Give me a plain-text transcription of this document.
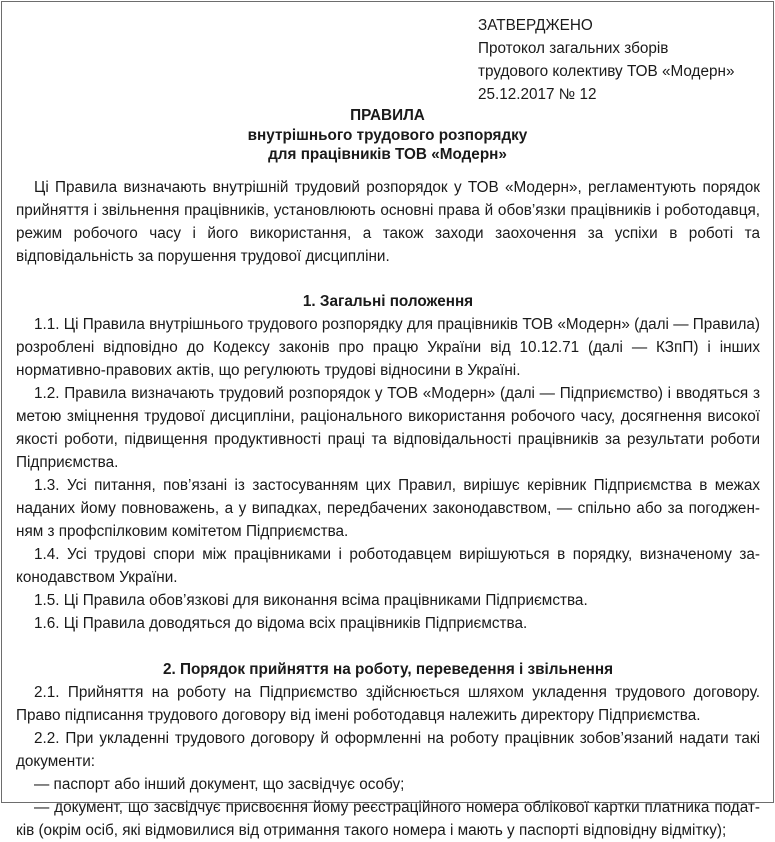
ЗАТВЕРДЖЕНО
Протокол загальних зборів
трудового колективу ТОВ «Модерн»
25.12.2017 № 12
ПРАВИЛА
внутрішнього трудового розпорядку
для працівників ТОВ «Модерн»

Ці Правила визначають внутрішній трудовий розпорядок у ТОВ «Модерн», регламентують порядок прийняття і звільнення працівників, установлюють основні права й обов’язки працівників і роботодавця, режим робочого часу і його використання, а також заходи заохочення за успіхи в роботі та відповідальність за порушення трудової дисципліни.

1. Загальні положення

1.1. Ці Правила внутрішнього трудового розпорядку для працівників ТОВ «Модерн» (далі — Правила) розроблені відповідно до Кодексу законів про працю України від 10.12.71 (далі — КЗпП) і інших нормативно-правових актів, що регулюють трудові відносини в Україні.

1.2. Правила визначають трудовий розпорядок у ТОВ «Модерн» (далі — Підприємство) і вводяться з метою зміцнення трудової дисципліни, раціонального використання робочого часу, досягнення високої якості роботи, підвищення продуктивності праці та відповідальності працівників за результати роботи Підприємства.

1.3. Усі питання, пов’язані із застосуванням цих Правил, вирішує керівник Підприємства в межах наданих йому повноважень, а у випадках, передбачених законодавством, — спільно або за погодженням з профспілковим комітетом Підприємства.

1.4. Усі трудові спори між працівниками і роботодавцем вирішуються в порядку, визначеному законодавством України.

1.5. Ці Правила обов’язкові для виконання всіма працівниками Підприємства.

1.6. Ці Правила доводяться до відома всіх працівників Підприємства.

2. Порядок прийняття на роботу, переведення і звільнення

2.1. Прийняття на роботу на Підприємство здійснюється шляхом укладення трудового договору. Право підписання трудового договору від імені роботодавця належить директору Підприємства.

2.2. При укладенні трудового договору й оформленні на роботу працівник зобов’язаний надати такі документи:

— паспорт або інший документ, що засвідчує особу;

— документ, що засвідчує присвоєння йому реєстраційного номера облікової картки платника податків (окрім осіб, які відмовилися від отримання такого номера і мають у паспорті відповідну відмітку);
